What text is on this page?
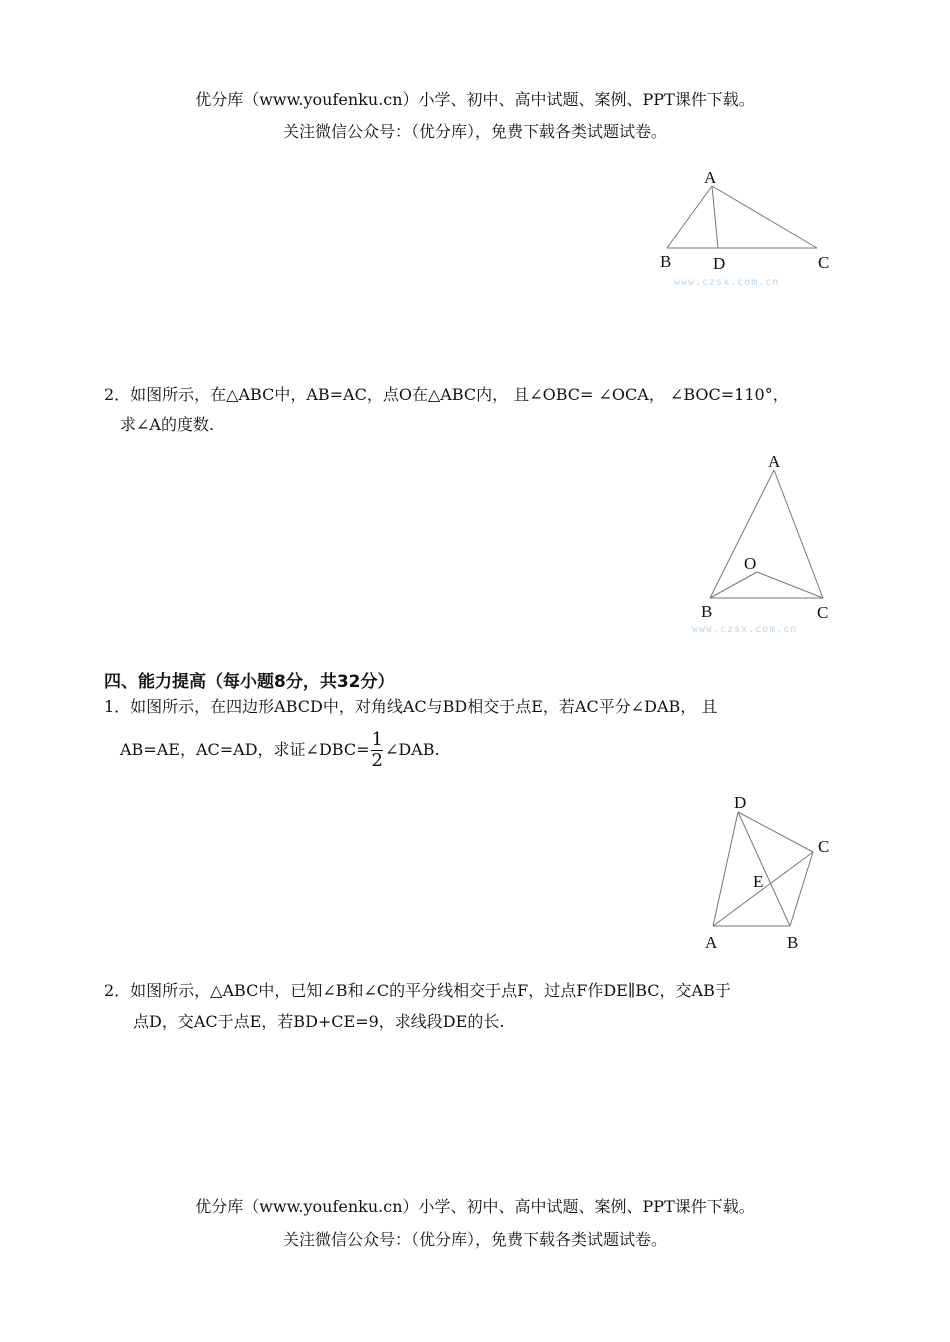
优分库（www.youfenku.cn）小学、初中、高中试题、案例、PPT课件下载。
关注微信公众号：（优分库），免费下载各类试题试卷。
A
B D	C
www.czsx.com.cn
2．如图所示，在△ABC中，AB=AC，点O在△ABC内， 且∠OBC= ∠OCA， ∠BOC=110°，
求∠A的度数.
A
O
B	C
www.czsx.com.cn
四、能力提高（每小题8分，共32分）
1．如图所示，在四边形ABCD中，对角线AC与BD相交于点E，若AC平分∠DAB， 且
AB=AE，AC=AD，求证∠DBC= $\frac{1}{2}$ ∠DAB.
D
C
E
A	B
2．如图所示，△ABC中，已知∠B和∠C的平分线相交于点F，过点F作DE∥BC，交AB于
点D，交AC于点E，若BD+CE=9，求线段DE的长.
优分库（www.youfenku.cn）小学、初中、高中试题、案例、PPT课件下载。
关注微信公众号：（优分库），免费下载各类试题试卷。
